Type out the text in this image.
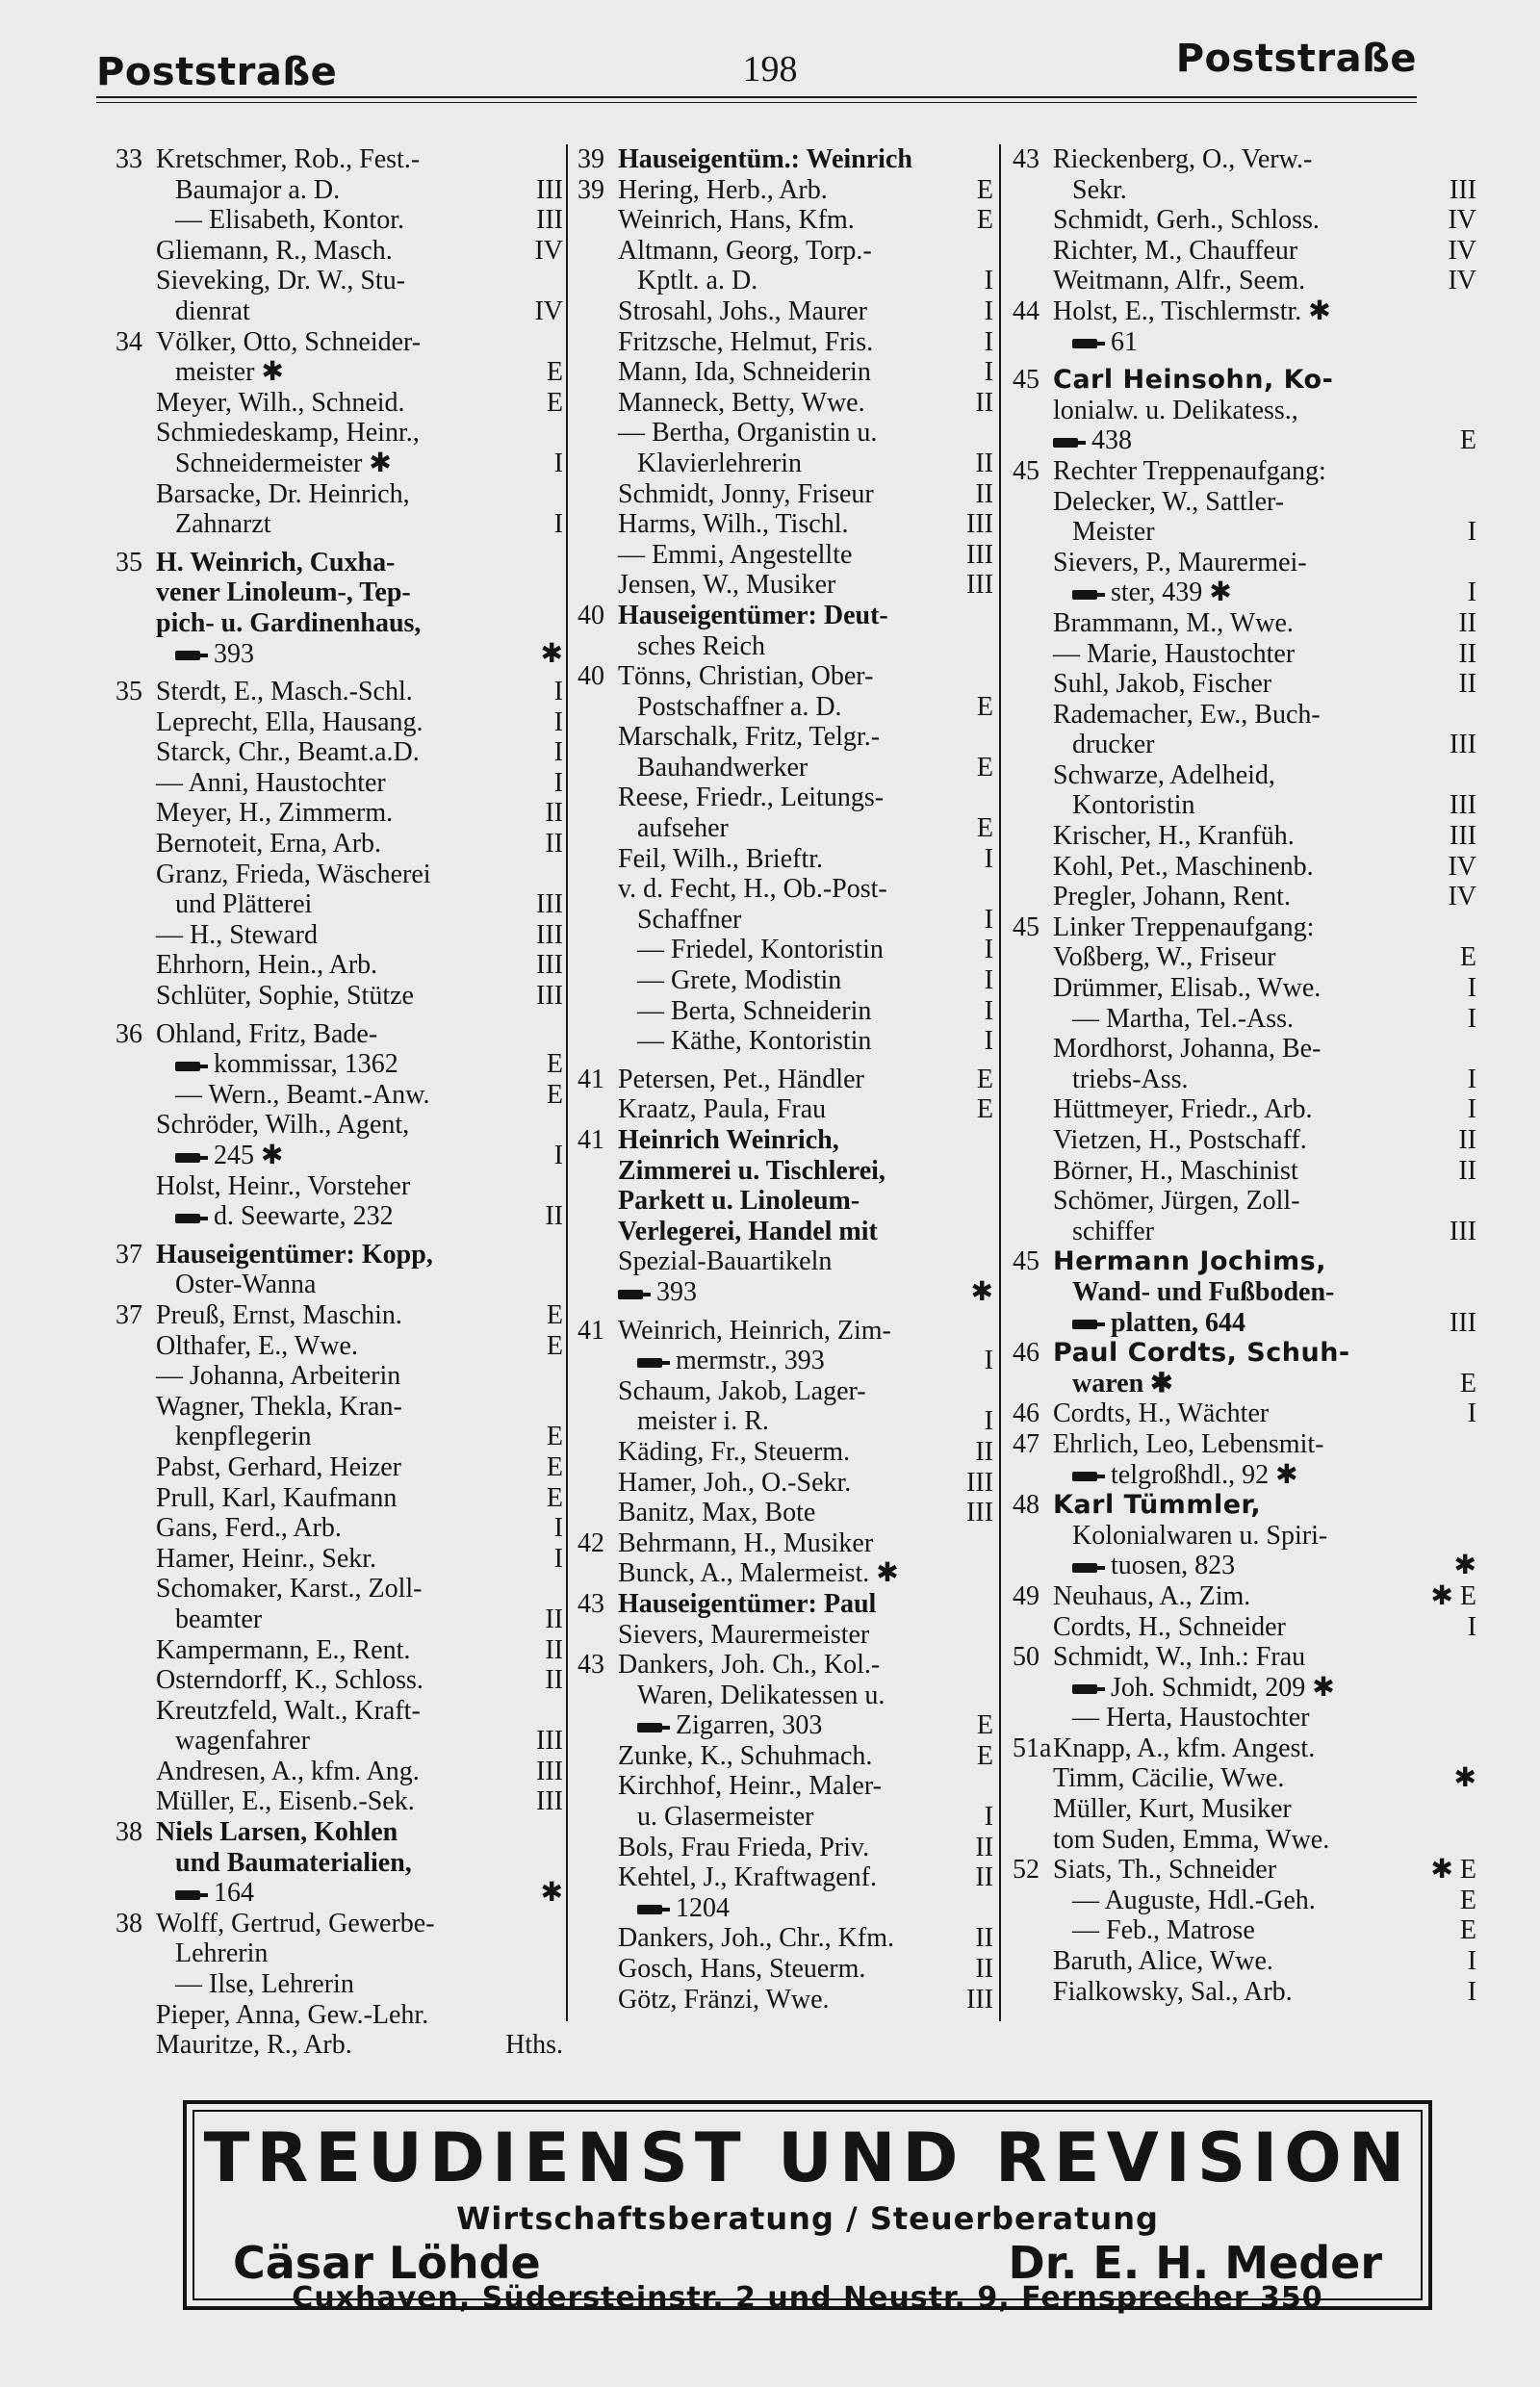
Poststraße	198	Poststraße
33 Kretschmer, Rob., Fest.-
Baumajor a. D.	III
— Elisabeth, Kontor.	III
Gliemann, R., Masch.	IV
Sieveking, Dr. W., Stu-
dienrat	IV
34 Völker, Otto, Schneider-
meister ✱	E
Meyer, Wilh., Schneid.	E
Schmiedeskamp, Heinr.,
Schneidermeister ✱	I
Barsacke, Dr. Heinrich,
Zahnarzt	I
35 H. Weinrich, Cuxha-
vener Linoleum-, Tep-
pich- u. Gardinenhaus,
393	✱
35 Sterdt, E., Masch.-Schl.	I
Leprecht, Ella, Hausang.	I
Starck, Chr., Beamt.a.D.	I
— Anni, Haustochter	I
Meyer, H., Zimmerm.	II
Bernoteit, Erna, Arb.	II
Granz, Frieda, Wäscherei
und Plätterei	III
— H., Steward	III
Ehrhorn, Hein., Arb.	III
Schlüter, Sophie, Stütze	III
36 Ohland, Fritz, Bade-
kommissar, 1362	E
— Wern., Beamt.-Anw.	E
Schröder, Wilh., Agent,
245 ✱	I
Holst, Heinr., Vorsteher
d. Seewarte, 232	II
37 Hauseigentümer: Kopp,
Oster-Wanna
37 Preuß, Ernst, Maschin.	E
Olthafer, E., Wwe.	E
— Johanna, Arbeiterin
Wagner, Thekla, Kran-
kenpflegerin	E
Pabst, Gerhard, Heizer	E
Prull, Karl, Kaufmann	E
Gans, Ferd., Arb.	I
Hamer, Heinr., Sekr.	I
Schomaker, Karst., Zoll-
beamter	II
Kampermann, E., Rent.	II
Osterndorff, K., Schloss.	II
Kreutzfeld, Walt., Kraft-
wagenfahrer	III
Andresen, A., kfm. Ang.	III
Müller, E., Eisenb.-Sek.	III
38 Niels Larsen, Kohlen
und Baumaterialien,
164	✱
38 Wolff, Gertrud, Gewerbe-
Lehrerin
— Ilse, Lehrerin
Pieper, Anna, Gew.-Lehr.
Mauritze, R., Arb.	Hths.
39 Hauseigentüm.: Weinrich
39 Hering, Herb., Arb.	E
Weinrich, Hans, Kfm.	E
Altmann, Georg, Torp.-
Kptlt. a. D.	I
Strosahl, Johs., Maurer	I
Fritzsche, Helmut, Fris.	I
Mann, Ida, Schneiderin	I
Manneck, Betty, Wwe.	II
— Bertha, Organistin u.
Klavierlehrerin	II
Schmidt, Jonny, Friseur	II
Harms, Wilh., Tischl.	III
— Emmi, Angestellte	III
Jensen, W., Musiker	III
40 Hauseigentümer: Deut-
sches Reich
40 Tönns, Christian, Ober-
Postschaffner a. D.	E
Marschalk, Fritz, Telgr.-
Bauhandwerker	E
Reese, Friedr., Leitungs-
aufseher	E
Feil, Wilh., Brieftr.	I
v. d. Fecht, H., Ob.-Post-
Schaffner	I
— Friedel, Kontoristin	I
— Grete, Modistin	I
— Berta, Schneiderin	I
— Käthe, Kontoristin	I
41 Petersen, Pet., Händler	E
Kraatz, Paula, Frau	E
41 Heinrich Weinrich,
Zimmerei u. Tischlerei,
Parkett u. Linoleum-
Verlegerei, Handel mit
Spezial-Bauartikeln
393	✱
41 Weinrich, Heinrich, Zim-
mermstr., 393	I
Schaum, Jakob, Lager-
meister i. R.	I
Käding, Fr., Steuerm.	II
Hamer, Joh., O.-Sekr.	III
Banitz, Max, Bote	III
42 Behrmann, H., Musiker
Bunck, A., Malermeist. ✱
43 Hauseigentümer: Paul
Sievers, Maurermeister
43 Dankers, Joh. Ch., Kol.-
Waren, Delikatessen u.
Zigarren, 303	E
Zunke, K., Schuhmach.	E
Kirchhof, Heinr., Maler-
u. Glasermeister	I
Bols, Frau Frieda, Priv.	II
Kehtel, J., Kraftwagenf.	II
1204
Dankers, Joh., Chr., Kfm.	II
Gosch, Hans, Steuerm.	II
Götz, Fränzi, Wwe.	III
43 Rieckenberg, O., Verw.-
Sekr.	III
Schmidt, Gerh., Schloss.	IV
Richter, M., Chauffeur	IV
Weitmann, Alfr., Seem.	IV
44 Holst, E., Tischlermstr. ✱
61
45 Carl Heinsohn, Ko-
lonialw. u. Delikatess.,
438	E
45 Rechter Treppenaufgang:
Delecker, W., Sattler-
Meister	I
Sievers, P., Maurermei-
ster, 439 ✱	I
Brammann, M., Wwe.	II
— Marie, Haustochter	II
Suhl, Jakob, Fischer	II
Rademacher, Ew., Buch-
drucker	III
Schwarze, Adelheid,
Kontoristin	III
Krischer, H., Kranfüh.	III
Kohl, Pet., Maschinenb.	IV
Pregler, Johann, Rent.	IV
45 Linker Treppenaufgang:
Voßberg, W., Friseur	E
Drümmer, Elisab., Wwe.	I
— Martha, Tel.-Ass.	I
Mordhorst, Johanna, Be-
triebs-Ass.	I
Hüttmeyer, Friedr., Arb.	I
Vietzen, H., Postschaff.	II
Börner, H., Maschinist	II
Schömer, Jürgen, Zoll-
schiffer	III
45 Hermann Jochims,
Wand- und Fußboden-
platten, 644	III
46 Paul Cordts, Schuh-
waren ✱	E
46 Cordts, H., Wächter	I
47 Ehrlich, Leo, Lebensmit-
telgroßhdl., 92 ✱
48 Karl Tümmler,
Kolonialwaren u. Spiri-
tuosen, 823	✱
49 Neuhaus, A., Zim.	✱ E
Cordts, H., Schneider	I
50 Schmidt, W., Inh.: Frau
Joh. Schmidt, 209 ✱
— Herta, Haustochter
51a Knapp, A., kfm. Angest.
Timm, Cäcilie, Wwe.	✱
Müller, Kurt, Musiker
tom Suden, Emma, Wwe.
52 Siats, Th., Schneider	✱ E
— Auguste, Hdl.-Geh.	E
— Feb., Matrose	E
Baruth, Alice, Wwe.	I
Fialkowsky, Sal., Arb.	I
TREUDIENST UND REVISION
Wirtschaftsberatung / Steuerberatung
Cäsar Löhde	Dr. E. H. Meder
Cuxhaven, Südersteinstr. 2 und Neustr. 9, Fernsprecher 350
